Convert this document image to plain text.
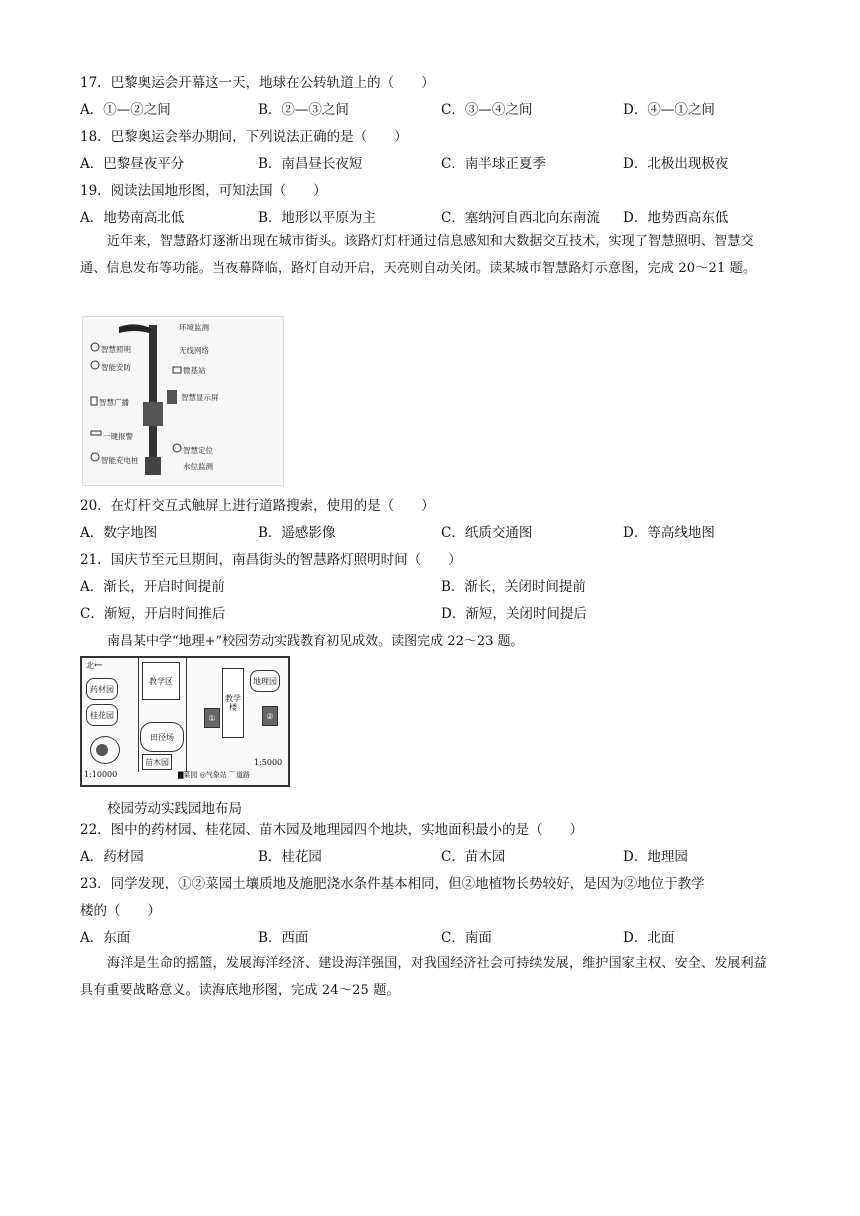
17．巴黎奥运会开幕这一天，地球在公转轨道上的（　　）
A．①—②之间	B．②—③之间	C．③—④之间	D．④—①之间
18．巴黎奥运会举办期间，下列说法正确的是（　　）
A．巴黎昼夜平分	B．南昌昼长夜短	C．南半球正夏季	D．北极出现极夜
19．阅读法国地形图，可知法国（　　）
A．地势南高北低	B．地形以平原为主	C．塞纳河自西北向东南流 D．地势西高东低
近年来，智慧路灯逐渐出现在城市街头。该路灯灯杆通过信息感知和大数据交互技术，实现了智慧照明、智慧交通、信息发布等功能。当夜幕降临，路灯自动开启，天亮则自动关闭。读某城市智慧路灯示意图，完成 20～21 题。
环境监测
无线网络
微基站
智慧照明
智能安防
智慧广播
智慧显示屏
一键报警
智慧定位
水位监测
智能充电桩
20．在灯杆交互式触屏上进行道路搜索，使用的是（　　）
A．数字地图	B．遥感影像	C．纸质交通图	D．等高线地图
21．国庆节至元旦期间，南昌街头的智慧路灯照明时间（　　）
A．渐长，开启时间提前	B．渐长，关闭时间提前
C．渐短，开启时间推后	D．渐短，关闭时间提后
南昌某中学“地理+”校园劳动实践教育初见成效。读图完成 22～23 题。
北←
教学区
药材园
桂花园
田径场
苗木园
教学楼
地理园
①	②
1:10000
1:5000
▇菜园 ◎气象站 ⌒道路
校园劳动实践园地布局
22．图中的药材园、桂花园、苗木园及地理园四个地块，实地面积最小的是（　　）
A．药材园	B．桂花园	C．苗木园	D．地理园
23．同学发现，①②菜园土壤质地及施肥浇水条件基本相同，但②地植物长势较好，是因为②地位于教学
楼的（　　）
A．东面	B．西面	C．南面	D．北面
海洋是生命的摇篮，发展海洋经济、建设海洋强国，对我国经济社会可持续发展，维护国家主权、安全、发展利益具有重要战略意义。读海底地形图，完成 24～25 题。
